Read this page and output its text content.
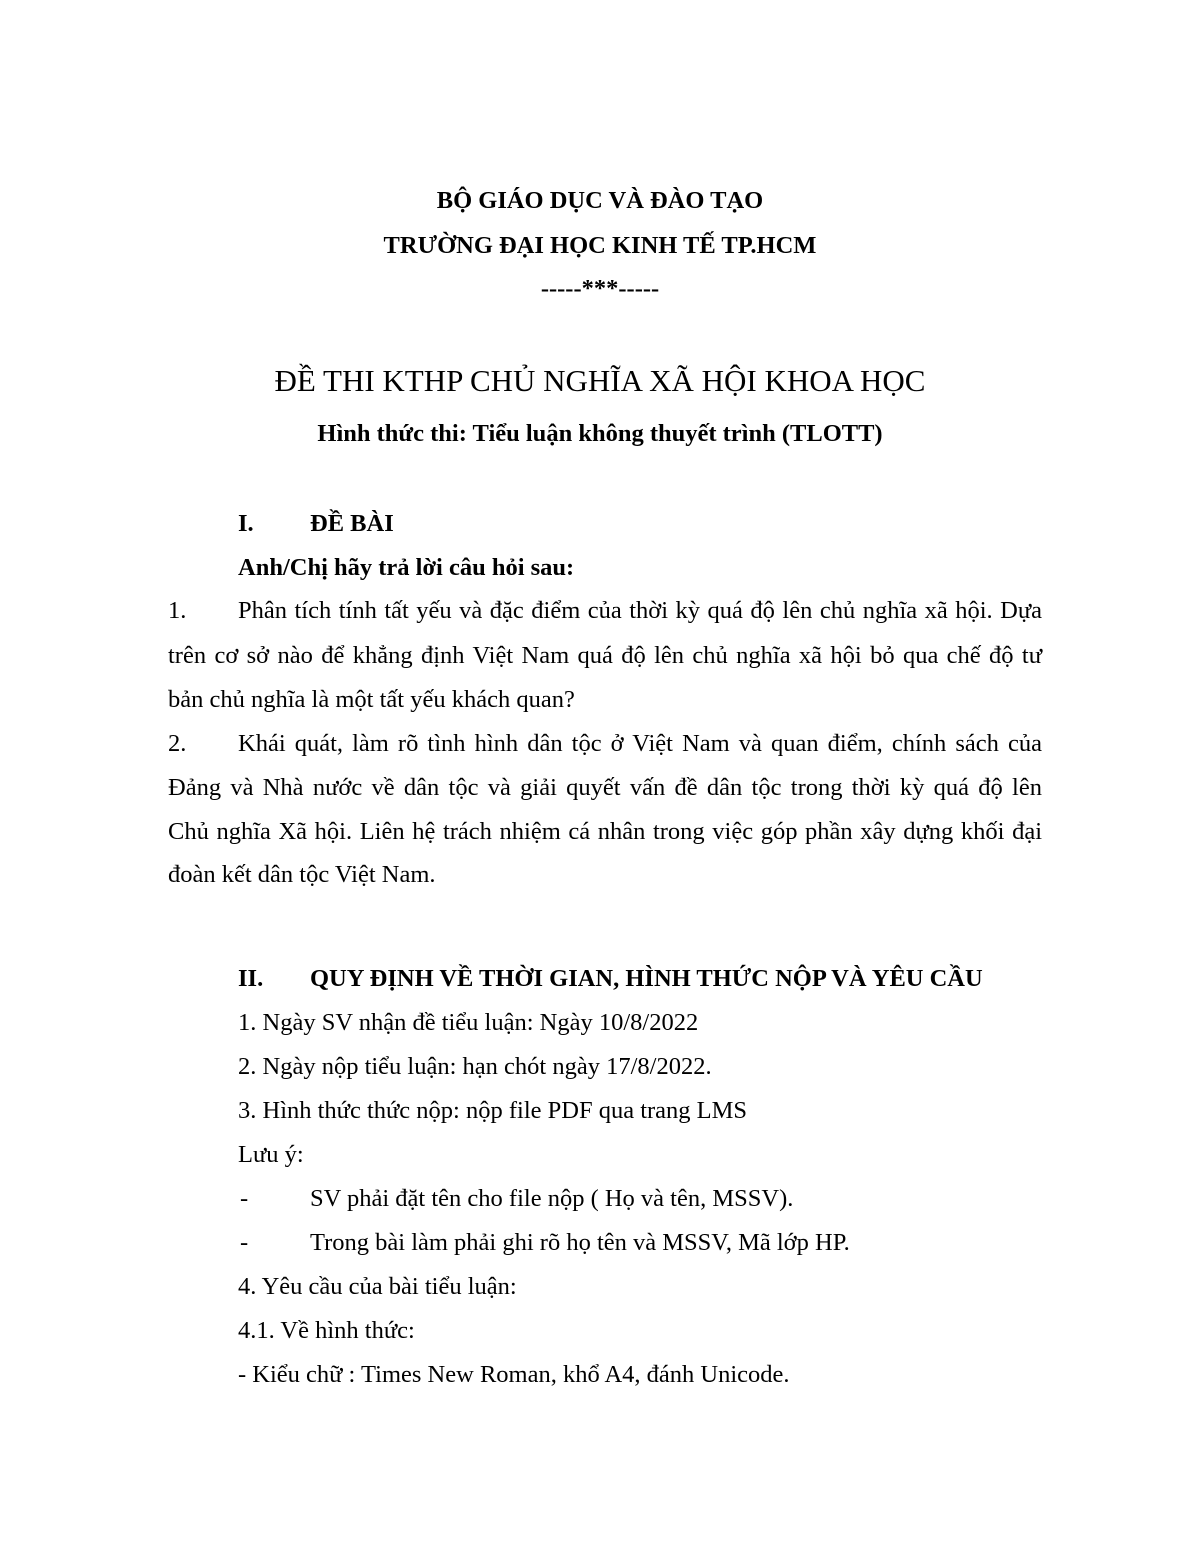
BỘ GIÁO DỤC VÀ ĐÀO TẠO
TRƯỜNG ĐẠI HỌC KINH TẾ TP.HCM
-----***-----
ĐỀ THI KTHP CHỦ NGHĨA XÃ HỘI KHOA HỌC
Hình thức thi: Tiểu luận không thuyết trình (TLOTT)
I. ĐỀ BÀI
Anh/Chị hãy trả lời câu hỏi sau:
1. Phân tích tính tất yếu và đặc điểm của thời kỳ quá độ lên chủ nghĩa xã hội. Dựa
trên cơ sở nào để khẳng định Việt Nam quá độ lên chủ nghĩa xã hội bỏ qua chế độ tư
bản chủ nghĩa là một tất yếu khách quan?
2. Khái quát, làm rõ tình hình dân tộc ở Việt Nam và quan điểm, chính sách của
Đảng và Nhà nước về dân tộc và giải quyết vấn đề dân tộc trong thời kỳ quá độ lên
Chủ nghĩa Xã hội. Liên hệ trách nhiệm cá nhân trong việc góp phần xây dựng khối đại
đoàn kết dân tộc Việt Nam.
II. QUY ĐỊNH VỀ THỜI GIAN, HÌNH THỨC NỘP VÀ YÊU CẦU
1. Ngày SV nhận đề tiểu luận: Ngày 10/8/2022
2. Ngày nộp tiểu luận: hạn chót ngày 17/8/2022.
3. Hình thức thức nộp: nộp file PDF qua trang LMS
Lưu ý:
-	SV phải đặt tên cho file nộp ( Họ và tên, MSSV).
-	Trong bài làm phải ghi rõ họ tên và MSSV, Mã lớp HP.
4. Yêu cầu của bài tiểu luận:
4.1. Về hình thức:
- Kiểu chữ : Times New Roman, khổ A4, đánh Unicode.
